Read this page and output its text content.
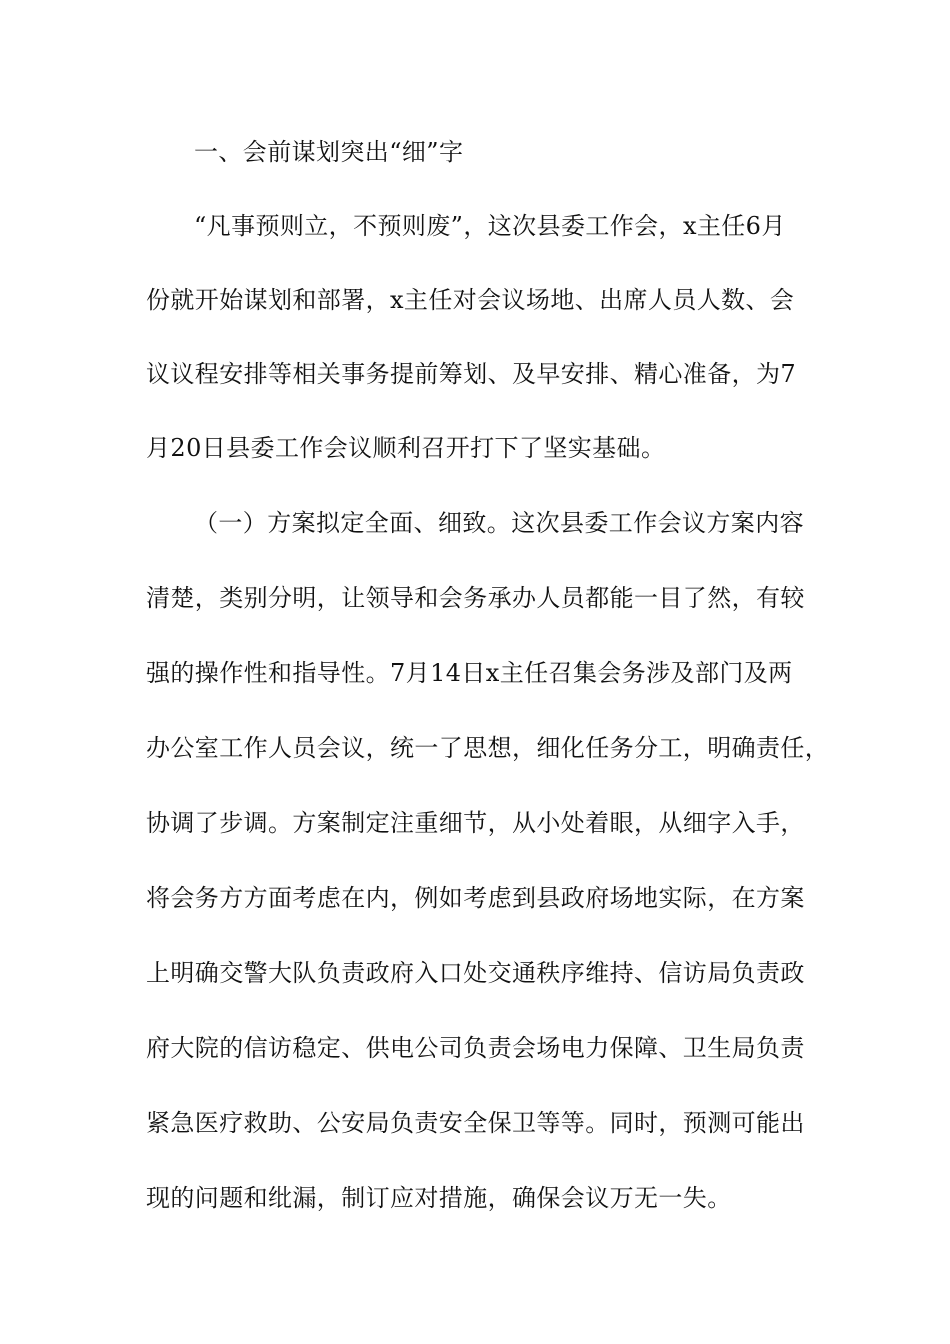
一、会前谋划突出“细”字
“凡事预则立，不预则废”，这次县委工作会，x主任6月
份就开始谋划和部署，x主任对会议场地、出席人员人数、会
议议程安排等相关事务提前筹划、及早安排、精心准备，为7
月20日县委工作会议顺利召开打下了坚实基础。
（一）方案拟定全面、细致。这次县委工作会议方案内容
清楚，类别分明，让领导和会务承办人员都能一目了然，有较
强的操作性和指导性。7月14日x主任召集会务涉及部门及两
办公室工作人员会议，统一了思想，细化任务分工，明确责任，
协调了步调。方案制定注重细节，从小处着眼，从细字入手，
将会务方方面考虑在内，例如考虑到县政府场地实际，在方案
上明确交警大队负责政府入口处交通秩序维持、信访局负责政
府大院的信访稳定、供电公司负责会场电力保障、卫生局负责
紧急医疗救助、公安局负责安全保卫等等。同时，预测可能出
现的问题和纰漏，制订应对措施，确保会议万无一失。
